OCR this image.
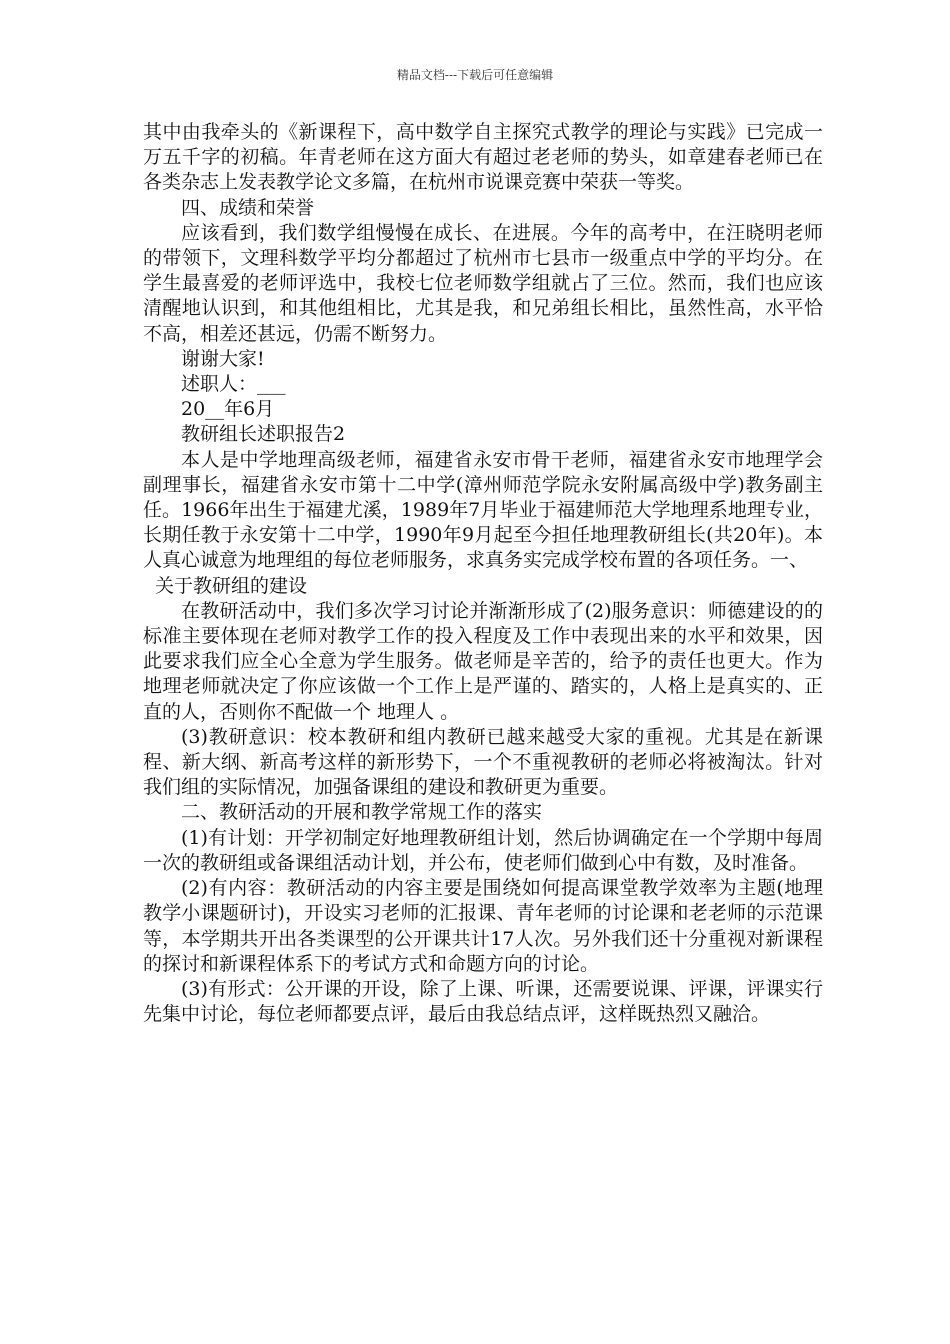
精品文档---下载后可任意编辑

其中由我牵头的《新课程下，高中数学自主探究式教学的理论与实践》已完成一万五千字的初稿。年青老师在这方面大有超过老老师的势头，如章建春老师已在各类杂志上发表教学论文多篇，在杭州市说课竞赛中荣获一等奖。

四、成绩和荣誉

应该看到，我们数学组慢慢在成长、在进展。今年的高考中，在汪晓明老师的带领下，文理科数学平均分都超过了杭州市七县市一级重点中学的平均分。在学生最喜爱的老师评选中，我校七位老师数学组就占了三位。然而，我们也应该清醒地认识到，和其他组相比，尤其是我，和兄弟组长相比，虽然性高，水平恰不高，相差还甚远，仍需不断努力。

谢谢大家!

述职人：___

20__年6月

教研组长述职报告2

本人是中学地理高级老师，福建省永安市骨干老师，福建省永安市地理学会副理事长，福建省永安市第十二中学(漳州师范学院永安附属高级中学)教务副主任。1966年出生于福建尤溪，1989年7月毕业于福建师范大学地理系地理专业，长期任教于永安第十二中学，1990年9月起至今担任地理教研组长(共20年)。本人真心诚意为地理组的每位老师服务，求真务实完成学校布置的各项任务。一、

关于教研组的建设

在教研活动中，我们多次学习讨论并渐渐形成了(2)服务意识：师德建设的的标准主要体现在老师对教学工作的投入程度及工作中表现出来的水平和效果，因此要求我们应全心全意为学生服务。做老师是辛苦的，给予的责任也更大。作为地理老师就决定了你应该做一个工作上是严谨的、踏实的，人格上是真实的、正直的人，否则你不配做一个 地理人 。

(3)教研意识：校本教研和组内教研已越来越受大家的重视。尤其是在新课程、新大纲、新高考这样的新形势下，一个不重视教研的老师必将被淘汰。针对我们组的实际情况，加强备课组的建设和教研更为重要。

二、教研活动的开展和教学常规工作的落实

(1)有计划：开学初制定好地理教研组计划，然后协调确定在一个学期中每周一次的教研组或备课组活动计划，并公布，使老师们做到心中有数，及时准备。

(2)有内容：教研活动的内容主要是围绕如何提高课堂教学效率为主题(地理教学小课题研讨)，开设实习老师的汇报课、青年老师的讨论课和老老师的示范课等，本学期共开出各类课型的公开课共计17人次。另外我们还十分重视对新课程的探讨和新课程体系下的考试方式和命题方向的讨论。

(3)有形式：公开课的开设，除了上课、听课，还需要说课、评课，评课实行先集中讨论，每位老师都要点评，最后由我总结点评，这样既热烈又融洽。
